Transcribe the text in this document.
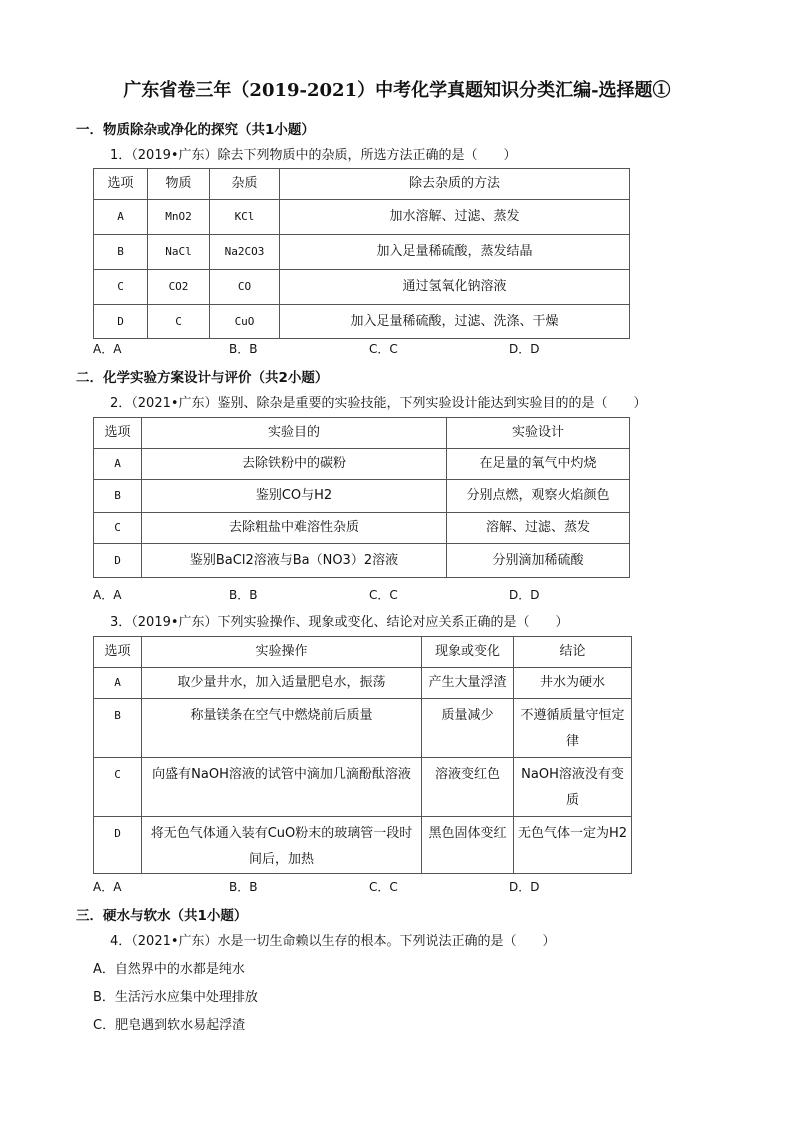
广东省卷三年（2019-2021）中考化学真题知识分类汇编-选择题①
一．物质除杂或净化的探究（共1小题）
1．（2019•广东）除去下列物质中的杂质，所选方法正确的是（　　）
选项	物质	杂质	除去杂质的方法
A	MnO2	KCl	加水溶解、过滤、蒸发
B	NaCl	Na2CO3	加入足量稀硫酸，蒸发结晶
C	CO2	CO	通过氢氧化钠溶液
D	C	CuO	加入足量稀硫酸，过滤、洗涤、干燥
A．A	B．B	C．C	D．D
二．化学实验方案设计与评价（共2小题）
2．（2021•广东）鉴别、除杂是重要的实验技能，下列实验设计能达到实验目的的是（　　）
选项	实验目的	实验设计
A	去除铁粉中的碳粉	在足量的氧气中灼烧
B	鉴别CO与H2	分别点燃，观察火焰颜色
C	去除粗盐中难溶性杂质	溶解、过滤、蒸发
D	鉴别BaCl2溶液与Ba（NO3）2溶液	分别滴加稀硫酸
A．A	B．B	C．C	D．D
3．（2019•广东）下列实验操作、现象或变化、结论对应关系正确的是（　　）
选项	实验操作	现象或变化	结论
A	取少量井水，加入适量肥皂水，振荡	产生大量浮渣	井水为硬水
B	称量镁条在空气中燃烧前后质量	质量减少	不遵循质量守恒定律
C	向盛有NaOH溶液的试管中滴加几滴酚酞溶液	溶液变红色	NaOH溶液没有变质
D	将无色气体通入装有CuO粉末的玻璃管一段时间后，加热	黑色固体变红	无色气体一定为H2
A．A	B．B	C．C	D．D
三．硬水与软水（共1小题）
4．（2021•广东）水是一切生命赖以生存的根本。下列说法正确的是（　　）
A．自然界中的水都是纯水
B．生活污水应集中处理排放
C．肥皂遇到软水易起浮渣
